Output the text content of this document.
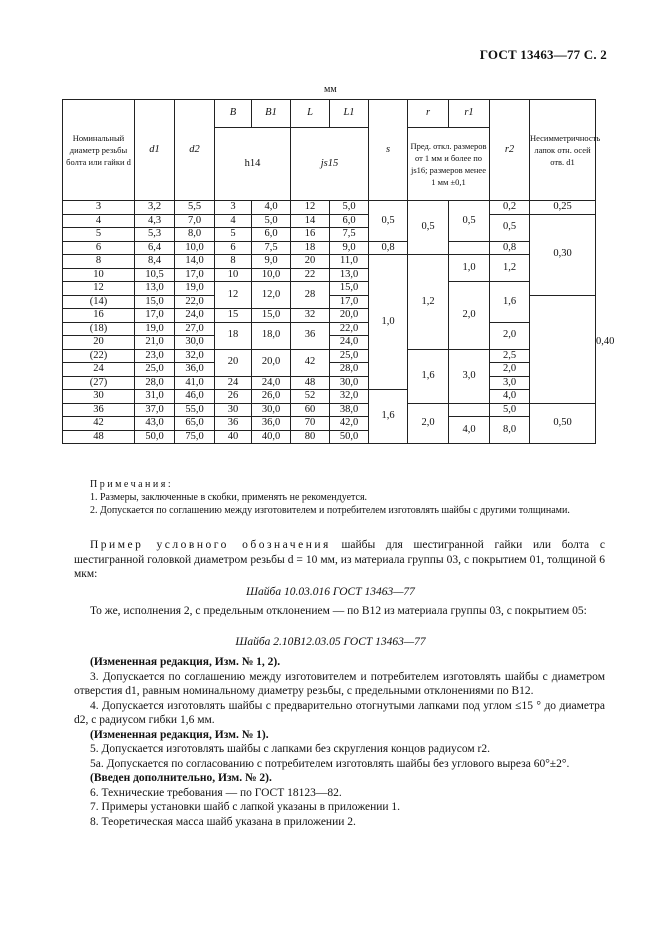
ГОСТ 13463—77 С. 2
мм
Номинальный диаметр резьбы болта или гайки d	d1	d2	B	B1	L	L1	s	r	r1	r2	Несимметричность лапок отн. осей отв. d1	
			h14		js15			Пред. откл. размеров от 1 мм и более по js16; размеров менее 1 мм ±0,1				
3	3,2	5,5	3	4,0	12	5,0	0,5	0,5	0,5	0,2	0,25	
4	4,3	7,0	4	5,0	14	6,0				0,5	0,30	
5	5,3	8,0	5	6,0	16	7,5						
6	6,4	10,0	6	7,5	18	9,0	0,8			0,8		
8	8,4	14,0	8	9,0	20	11,0	1,0	1,2	1,0	1,2		
10	10,5	17,0	10	10,0	22	13,0						
12	13,0	19,0	12	12,0	28	15,0			2,0	1,6		0,40
(14)	15,0	22,0				17,0						
16	17,0	24,0	15	15,0	32	20,0						
(18)	19,0	27,0	18	18,0	36	22,0				2,0		
20	21,0	30,0				24,0						
(22)	23,0	32,0	20	20,0	42	25,0		1,6	3,0	2,5		
24	25,0	36,0				28,0				2,0		
(27)	28,0	41,0	24	24,0	48	30,0				3,0		
30	31,0	46,0	26	26,0	52	32,0	1,6			4,0		
36	37,0	55,0	30	30,0	60	38,0		2,0		5,0	0,50	
42	43,0	65,0	36	36,0	70	42,0			4,0	8,0		
48	50,0	75,0	40	40,0	80	50,0						

Примечания:

1. Размеры, заключенные в скобки, применять не рекомендуется.

2. Допускается по соглашению между изготовителем и потребителем изготовлять шайбы с другими толщинами.

Пример условного обозначения шайбы для шестигранной гайки или болта с шестигранной головкой диаметром резьбы d = 10 мм, из материала группы 03, с покрытием 01, толщиной 6 мкм:

Шайба 10.03.016 ГОСТ 13463—77

То же, исполнения 2, с предельным отклонением — по В12 из материала группы 03, с покрытием 05:

Шайба 2.10В12.03.05 ГОСТ 13463—77

(Измененная редакция, Изм. № 1, 2).

3. Допускается по соглашению между изготовителем и потребителем изготовлять шайбы с диаметром отверстия d1, равным номинальному диаметру резьбы, с предельными отклонениями по В12.

4. Допускается изготовлять шайбы с предварительно отогнутыми лапками под углом ≤15 ° до диаметра d2, с радиусом гибки 1,6 мм.

(Измененная редакция, Изм. № 1).

5. Допускается изготовлять шайбы с лапками без скругления концов радиусом r2.

5а. Допускается по согласованию с потребителем изготовлять шайбы без углового выреза 60°±2°.

(Введен дополнительно, Изм. № 2).

6. Технические требования — по ГОСТ 18123—82.

7. Примеры установки шайб с лапкой указаны в приложении 1.

8. Теоретическая масса шайб указана в приложении 2.
